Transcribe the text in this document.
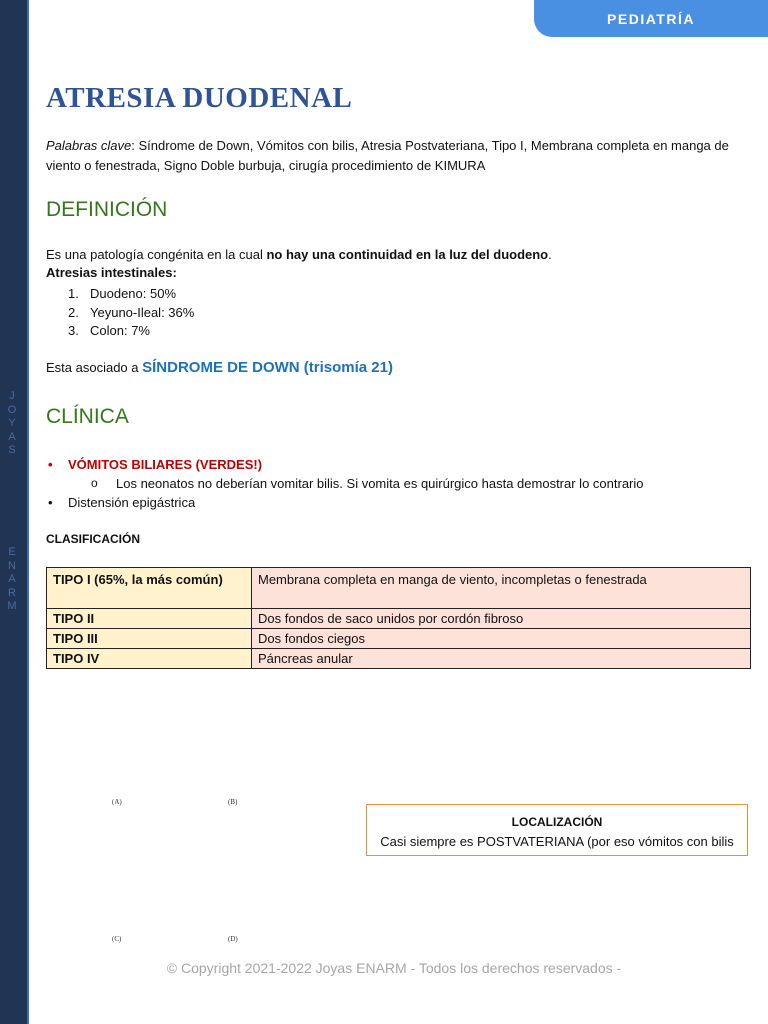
J
O
Y
A
S
E
N
A
R
M
PEDIATRÍA
ATRESIA DUODENAL
Palabras clave: Síndrome de Down, Vómitos con bilis, Atresia Postvateriana, Tipo I, Membrana completa en manga de viento o fenestrada, Signo Doble burbuja, cirugía procedimiento de KIMURA
DEFINICIÓN
Es una patología congénita en la cual no hay una continuidad en la luz del duodeno.
Atresias intestinales:
1. Duodeno: 50%
2. Yeyuno-Ileal: 36%
3. Colon: 7%
Esta asociado a SÍNDROME DE DOWN (trisomía 21)
CLÍNICA
• VÓMITOS BILIARES (VERDES!)
o Los neonatos no deberían vomitar bilis. Si vomita es quirúrgico hasta demostrar lo contrario
• Distensión epigástrica
CLASIFICACIÓN
TIPO I (65%, la más común)	Membrana completa en manga de viento, incompletas o fenestrada
TIPO II	Dos fondos de saco unidos por cordón fibroso
TIPO III	Dos fondos ciegos
TIPO IV	Páncreas anular
(A)	(B)
(C)	(D)
LOCALIZACIÓN
Casi siempre es POSTVATERIANA (por eso vómitos con bilis
© Copyright 2021-2022 Joyas ENARM - Todos los derechos reservados -
